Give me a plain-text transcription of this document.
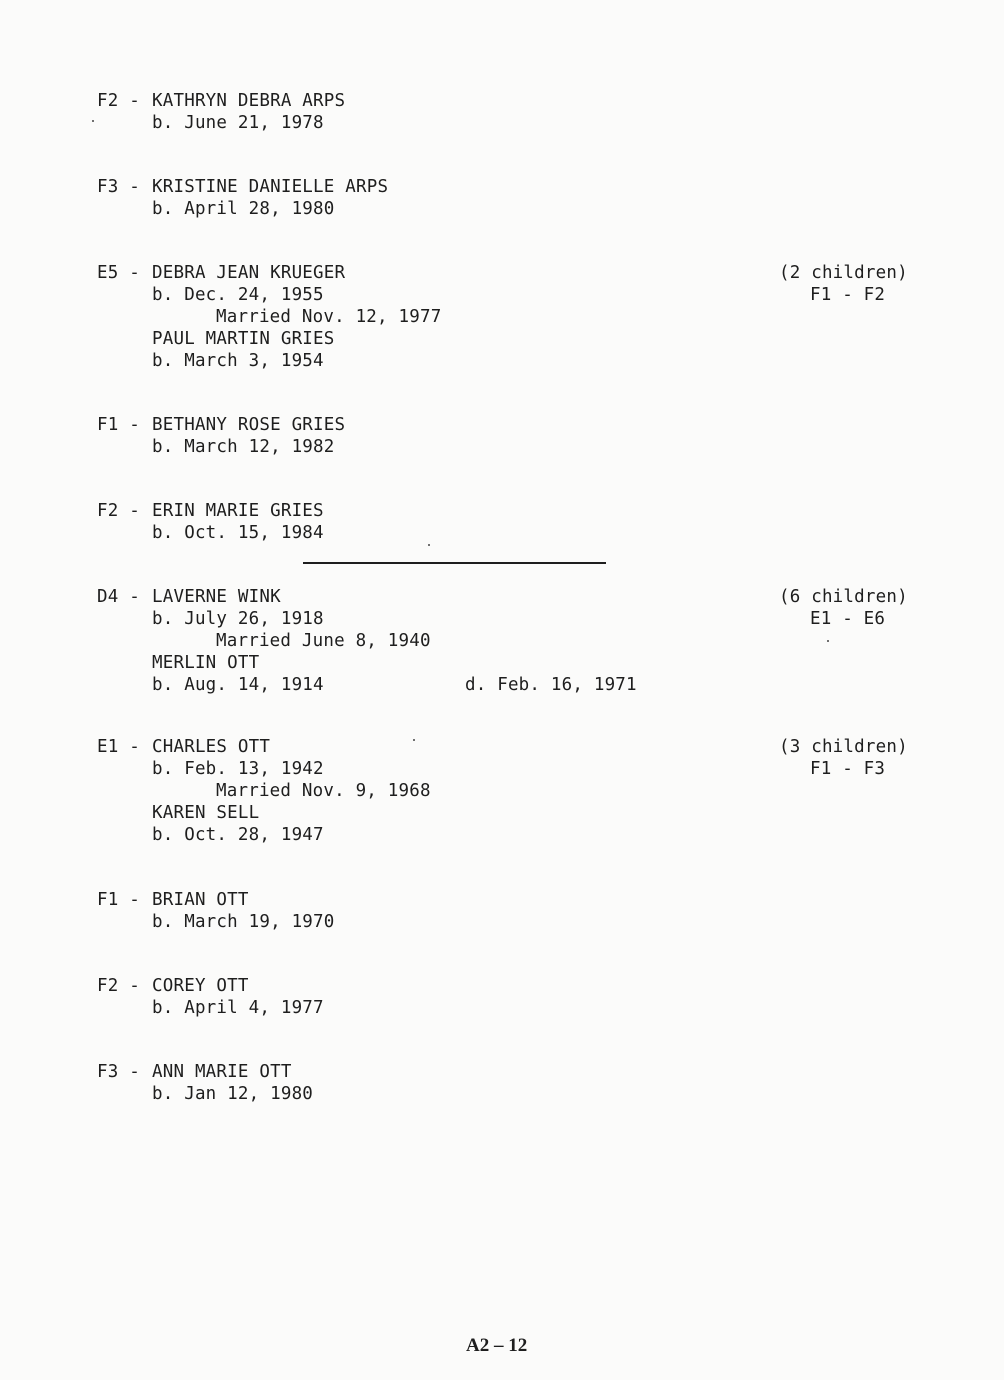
F2 - KATHRYN DEBRA ARPS
b. June 21, 1978
F3 - KRISTINE DANIELLE ARPS
b. April 28, 1980
E5 - DEBRA JEAN KRUEGER
b. Dec. 24, 1955
Married Nov. 12, 1977
PAUL MARTIN GRIES
b. March 3, 1954
(2 children)
F1 - F2
F1 - BETHANY ROSE GRIES
b. March 12, 1982
F2 - ERIN MARIE GRIES
b. Oct. 15, 1984
D4 - LAVERNE WINK
b. July 26, 1918
Married June 8, 1940
MERLIN OTT
b. Aug. 14, 1914	d. Feb. 16, 1971
(6 children)
E1 - E6
E1 - CHARLES OTT
b. Feb. 13, 1942
Married Nov. 9, 1968
KAREN SELL
b. Oct. 28, 1947
(3 children)
F1 - F3
F1 - BRIAN OTT
b. March 19, 1970
F2 - COREY OTT
b. April 4, 1977
F3 - ANN MARIE OTT
b. Jan 12, 1980
A2 – 12
